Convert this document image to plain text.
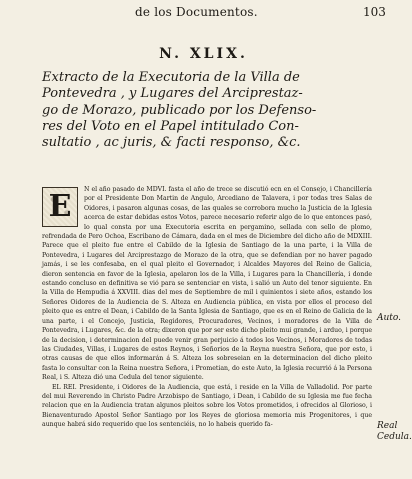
de los Documentos.	103
N. XLIX.
Extracto de la Executoria de la Villa de
Pontevedra , y Lugares del Arciprestaz-
go de Morazo, publicado por los Defenso-
res del Voto en el Papel intitulado Con-
sultatio , ac juris, & facti responso, &c.
E	N el año pasado de MDVI. fasta el año de trece se discutió ecn en el Consejo, i Chancillería por el Presidente Don Martin de Angulo, Arcediano de Talavera, i por todas tres Salas de Oidores, i pasaron algunas cosas, de las quales se corrobora mucho la Justicia de la Iglesia acerca de estar debidas estos Votos, parece necesario referir algo de lo que entonces pasó, lo qual consta por una Executoria escrita en pergamino, sellada con sello de plomo, refrendada de Pero Ochoa, Escribano de Cámara, dada en el mes de Diciembre del dicho año de MDXIII. Parece que el pleito fue entre el Cabildo de la Iglesia de Santiago de la una parte, i la Villa de Pontevedra, i Lugares del Arciprestazgo de Morazo de la otra, que se defendian por no haver pagado jamás, i se les confesaba, en el qual pleito el Governador, i Alcaldes Mayores del Reino de Galicia, dieron sentencia en favor de la Iglesia, apelaron los de la Villa, i Lugares para la Chancillería, i donde estando concluso en definitiva se vió para se sentenciar en vista, i salió un Auto del tenor siguiente. En la Villa de Hempudia á XXVIII. dias del mes de Septiembre de mil i quinientos i siete años, estando los Señores Oidores de la Audiencia de S. Alteza en Audiencia pública, en vista por ellos el proceso del pleito que es entre el Dean, i Cabildo de la Santa Iglesia de Santiago, que es en el Reino de Galicia de la una parte, i el Concejo, Justicia, Regidores, Procuradores, Vecinos, i moradores de la Villa de Pontevedra, i Lugares, &c. de la otra; dixeron que por ser este dicho pleito mui grande, i arduo, i porque de la decision, i determinacion del puede venir gran perjuicio á todos los Vecinos, i Moradores de todas las Ciudades, Villas, i Lugares de estos Reynos, i Señorios de la Reyna nuestra Señora, que por esto, i otras causas de que ellos informarán á S. Alteza los sobreseian en la determinacion del dicho pleito fasta lo consultar con la Reina nuestra Señora, i Prometian, do este Auto, la Iglesia recurrió á la Persona Real, i S. Alteza dió una Cedula del tenor siguiente.

EL REI. Presidente, i Oidores de la Audiencia, que está, i reside en la Villa de Valladolid. Por parte del mui Reverendo in Christo Padre Arzobispo de Santiago, i Dean, i Cabildo de su Iglesia me fue fecha relacion que en la Audiencia tratan algunos pleitos sobre los Votos prometidos, i ofrecidos al Glorioso, i Bienaventurado Apostol Señor Santiago por los Reyes de gloriosa memoria mis Progenitores, i que aunque habrá sido requerido que los sentenciéis, no lo habeis querido fa-

Auto.
Real Cedula.
